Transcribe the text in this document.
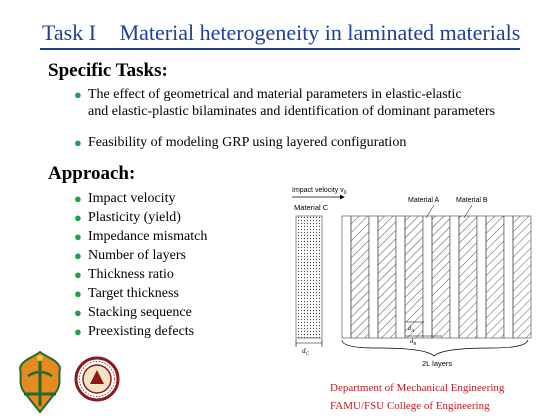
Task I Material heterogeneity in laminated materials
Specific Tasks:
● The effect of geometrical and material parameters in elastic-elastic
and elastic-plastic bilaminates and identification of dominant parameters
● Feasibility of modeling GRP using layered configuration
Approach:
● Impact velocity
● Plasticity (yield)
● Impedance mismatch
● Number of layers
● Thickness ratio
● Target thickness
● Stacking sequence
● Preexisting defects
Impact velocity $v_0$
Material C
$d_C$
Material A Material B
$d_A$
$d_B$
2L layers
Department of Mechanical Engineering
FAMU/FSU College of Engineering
